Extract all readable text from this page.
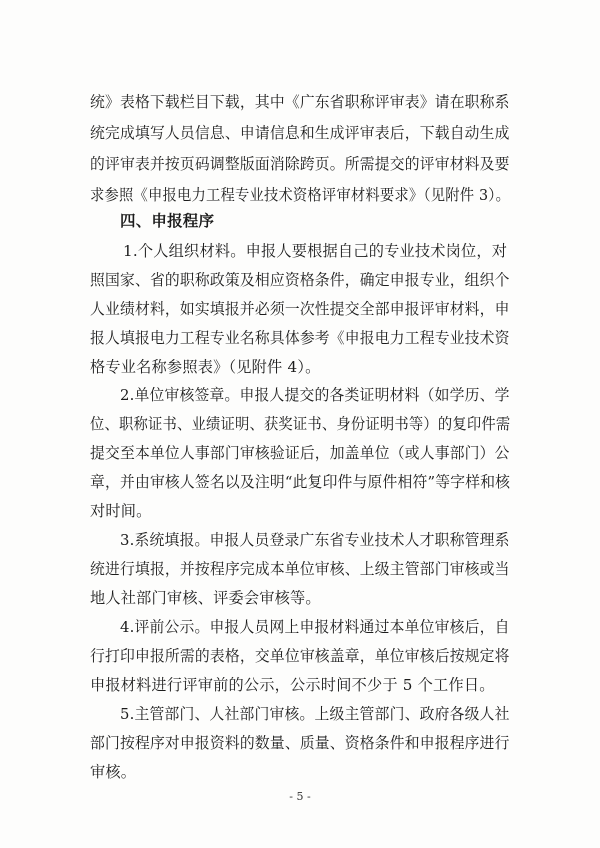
统》表格下载栏目下载，其中《广东省职称评审表》请在职称系
统完成填写人员信息、申请信息和生成评审表后，下载自动生成
的评审表并按页码调整版面消除跨页。所需提交的评审材料及要
求参照《申报电力工程专业技术资格评审材料要求》（见附件 3）。
四、申报程序
1.个人组织材料。申报人要根据自己的专业技术岗位，对
照国家、省的职称政策及相应资格条件，确定申报专业，组织个
人业绩材料，如实填报并必须一次性提交全部申报评审材料，申
报人填报电力工程专业名称具体参考《申报电力工程专业技术资
格专业名称参照表》（见附件 4）。
2.单位审核签章。申报人提交的各类证明材料（如学历、学
位、职称证书、业绩证明、获奖证书、身份证明书等）的复印件需
提交至本单位人事部门审核验证后，加盖单位（或人事部门）公
章，并由审核人签名以及注明“此复印件与原件相符”等字样和核
对时间。
3.系统填报。申报人员登录广东省专业技术人才职称管理系
统进行填报，并按程序完成本单位审核、上级主管部门审核或当
地人社部门审核、评委会审核等。
4.评前公示。申报人员网上申报材料通过本单位审核后，自
行打印申报所需的表格，交单位审核盖章，单位审核后按规定将
申报材料进行评审前的公示，公示时间不少于 5 个工作日。
5.主管部门、人社部门审核。上级主管部门、政府各级人社
部门按程序对申报资料的数量、质量、资格条件和申报程序进行
审核。
- 5 -
